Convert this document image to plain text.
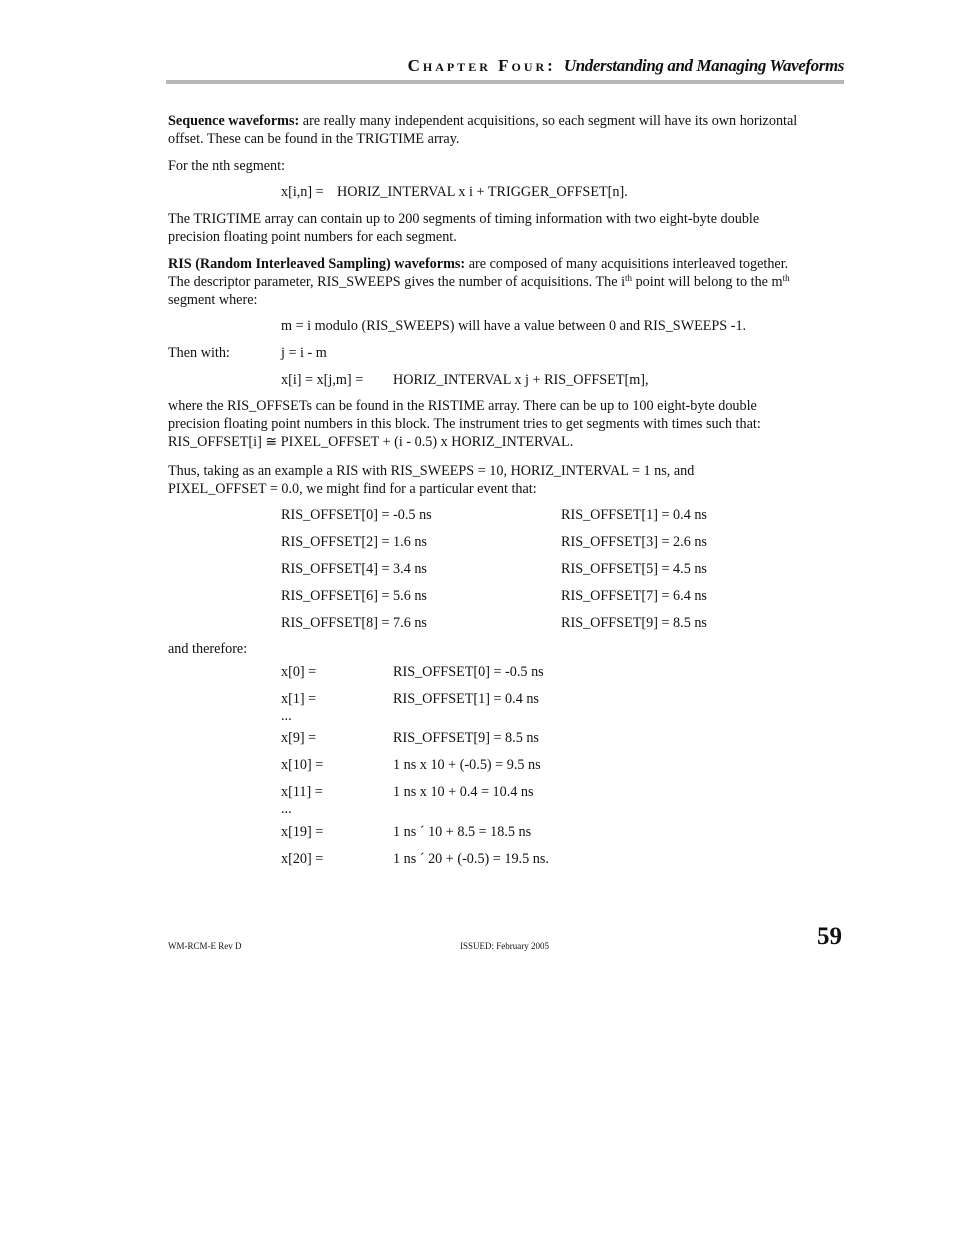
Chapter Four: Understanding and Managing Waveforms

Sequence waveforms: are really many independent acquisitions, so each segment will have its own horizontal
offset. These can be found in the TRIGTIME array.

For the nth segment:

x[i,n] = HORIZ_INTERVAL x i + TRIGGER_OFFSET[n].

The TRIGTIME array can contain up to 200 segments of timing information with two eight-byte double
precision floating point numbers for each segment.

RIS (Random Interleaved Sampling) waveforms: are composed of many acquisitions interleaved together.
The descriptor parameter, RIS_SWEEPS gives the number of acquisitions. The $i^{th}$ point will belong to the $m^{th}$
segment where:

m = i modulo (RIS_SWEEPS) will have a value between 0 and RIS_SWEEPS -1.

Then with:	j = i - m

x[i] = x[j,m] = HORIZ_INTERVAL x j + RIS_OFFSET[m],

where the RIS_OFFSETs can be found in the RISTIME array. There can be up to 100 eight-byte double
precision floating point numbers in this block. The instrument tries to get segments with times such that:
RIS_OFFSET[i] ≅ PIXEL_OFFSET + (i - 0.5) x HORIZ_INTERVAL.

Thus, taking as an example a RIS with RIS_SWEEPS = 10, HORIZ_INTERVAL = 1 ns, and
PIXEL_OFFSET = 0.0, we might find for a particular event that:

RIS_OFFSET[0] = -0.5 ns	RIS_OFFSET[1] = 0.4 ns

RIS_OFFSET[2] = 1.6 ns	RIS_OFFSET[3] = 2.6 ns

RIS_OFFSET[4] = 3.4 ns	RIS_OFFSET[5] = 4.5 ns

RIS_OFFSET[6] = 5.6 ns	RIS_OFFSET[7] = 6.4 ns

RIS_OFFSET[8] = 7.6 ns	RIS_OFFSET[9] = 8.5 ns

and therefore:

x[0] =	RIS_OFFSET[0] = -0.5 ns

x[1] =	RIS_OFFSET[1] = 0.4 ns

...

x[9] =	RIS_OFFSET[9] = 8.5 ns

x[10] =	1 ns x 10 + (-0.5) = 9.5 ns

x[11] =	1 ns x 10 + 0.4 = 10.4 ns

...

x[19] =	1 ns ´ 10 + 8.5 = 18.5 ns

x[20] =	1 ns ´ 20 + (-0.5) = 19.5 ns.

WM-RCM-E Rev D	ISSUED: February 2005	59
